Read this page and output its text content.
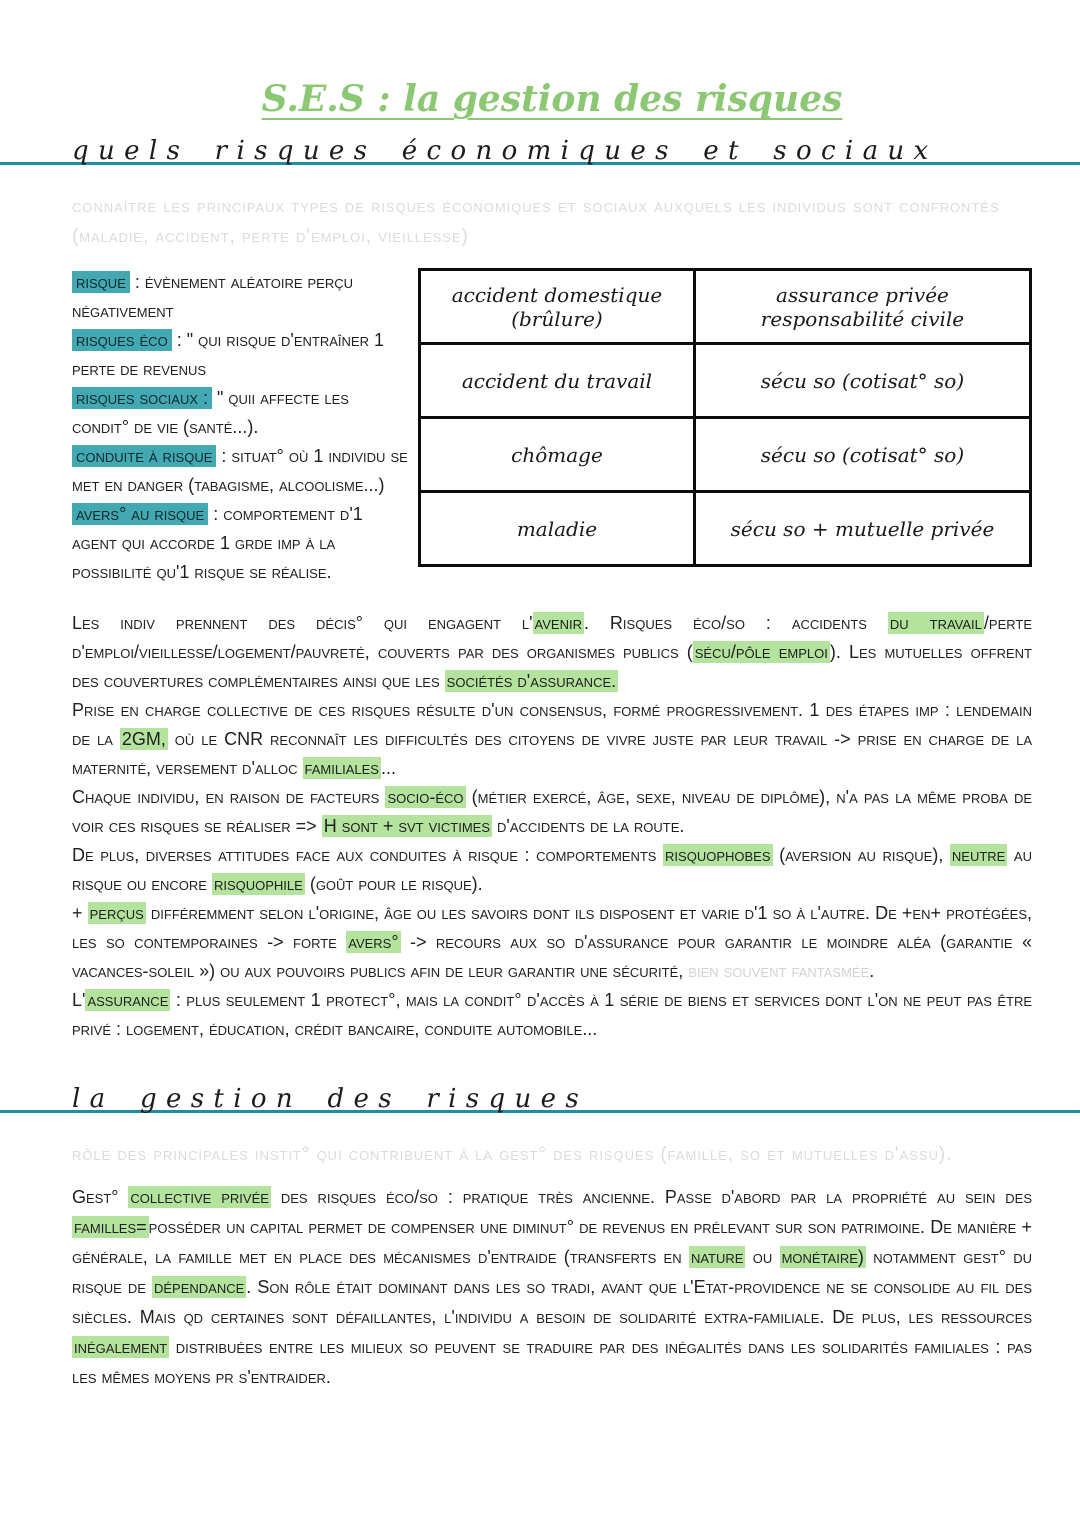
S.E.S : la gestion des risques
quels risques économiques et sociaux
connaître les principaux types de risques économiques et sociaux auxquels les individus sont confrontés (maladie, accident, perte d'emploi, vieillesse)
accident domestique (brûlure)	assurance privée responsabilité civile
accident du travail	sécu so (cotisat° so)
chômage	sécu so (cotisat° so)
maladie	sécu so + mutuelle privée
risque : évènement aléatoire perçu négativement
risques éco : " qui risque d'entraîner 1 perte de revenus
risques sociaux : " quii affecte les condit° de vie (santé...).
conduite à risque : situat° où 1 individu se met en danger (tabagisme, alcoolisme...)
avers° au risque : comportement d'1 agent qui accorde 1 grde imp à la possibilité qu'1 risque se réalise.
Les indiv prennent des décis° qui engagent l' avenir . Risques éco/so : accidents du travail /perte d'emploi/vieillesse/logement/pauvreté, couverts par des organismes publics ( sécu/pôle emploi ). Les mutuelles offrent des couvertures complémentaires ainsi que les sociétés d'assurance.
Prise en charge collective de ces risques résulte d'un consensus, formé progressivement. 1 des étapes imp : lendemain de la 2GM, où le CNR reconnaît les difficultés des citoyens de vivre juste par leur travail -> prise en charge de la maternité, versement d'alloc familiales ...
Chaque individu, en raison de facteurs socio-éco (métier exercé, âge, sexe, niveau de diplôme), n'a pas la même proba de voir ces risques se réaliser => H sont + svt victimes d'accidents de la route.
De plus, diverses attitudes face aux conduites à risque : comportements risquophobes (aversion au risque), neutre au risque ou encore risquophile (goût pour le risque).
+ perçus différemment selon l'origine, âge ou les savoirs dont ils disposent et varie d'1 so à l'autre. De +en+ protégées, les so contemporaines -> forte avers° -> recours aux so d'assurance pour garantir le moindre aléa (garantie « vacances-soleil ») ou aux pouvoirs publics afin de leur garantir une sécurité, bien souvent fantasmée.
L' assurance : plus seulement 1 protect°, mais la condit° d'accès à 1 série de biens et services dont l'on ne peut pas être privé : logement, éducation, crédit bancaire, conduite automobile...
la gestion des risques
rôle des principales instit° qui contribuent à la gest° des risques (famille, so et mutuelles d'assu).
Gest° collective privée des risques éco/so : pratique très ancienne. Passe d'abord par la propriété au sein des familles= posséder un capital permet de compenser une diminut° de revenus en prélevant sur son patrimoine. De manière + générale, la famille met en place des mécanismes d'entraide (transferts en nature ou monétaire) notamment gest° du risque de dépendance . Son rôle était dominant dans les so tradi, avant que l'Etat-providence ne se consolide au fil des siècles. Mais qd certaines sont défaillantes, l'individu a besoin de solidarité extra-familiale. De plus, les ressources inégalement distribuées entre les milieux so peuvent se traduire par des inégalités dans les solidarités familiales : pas les mêmes moyens pr s'entraider.
